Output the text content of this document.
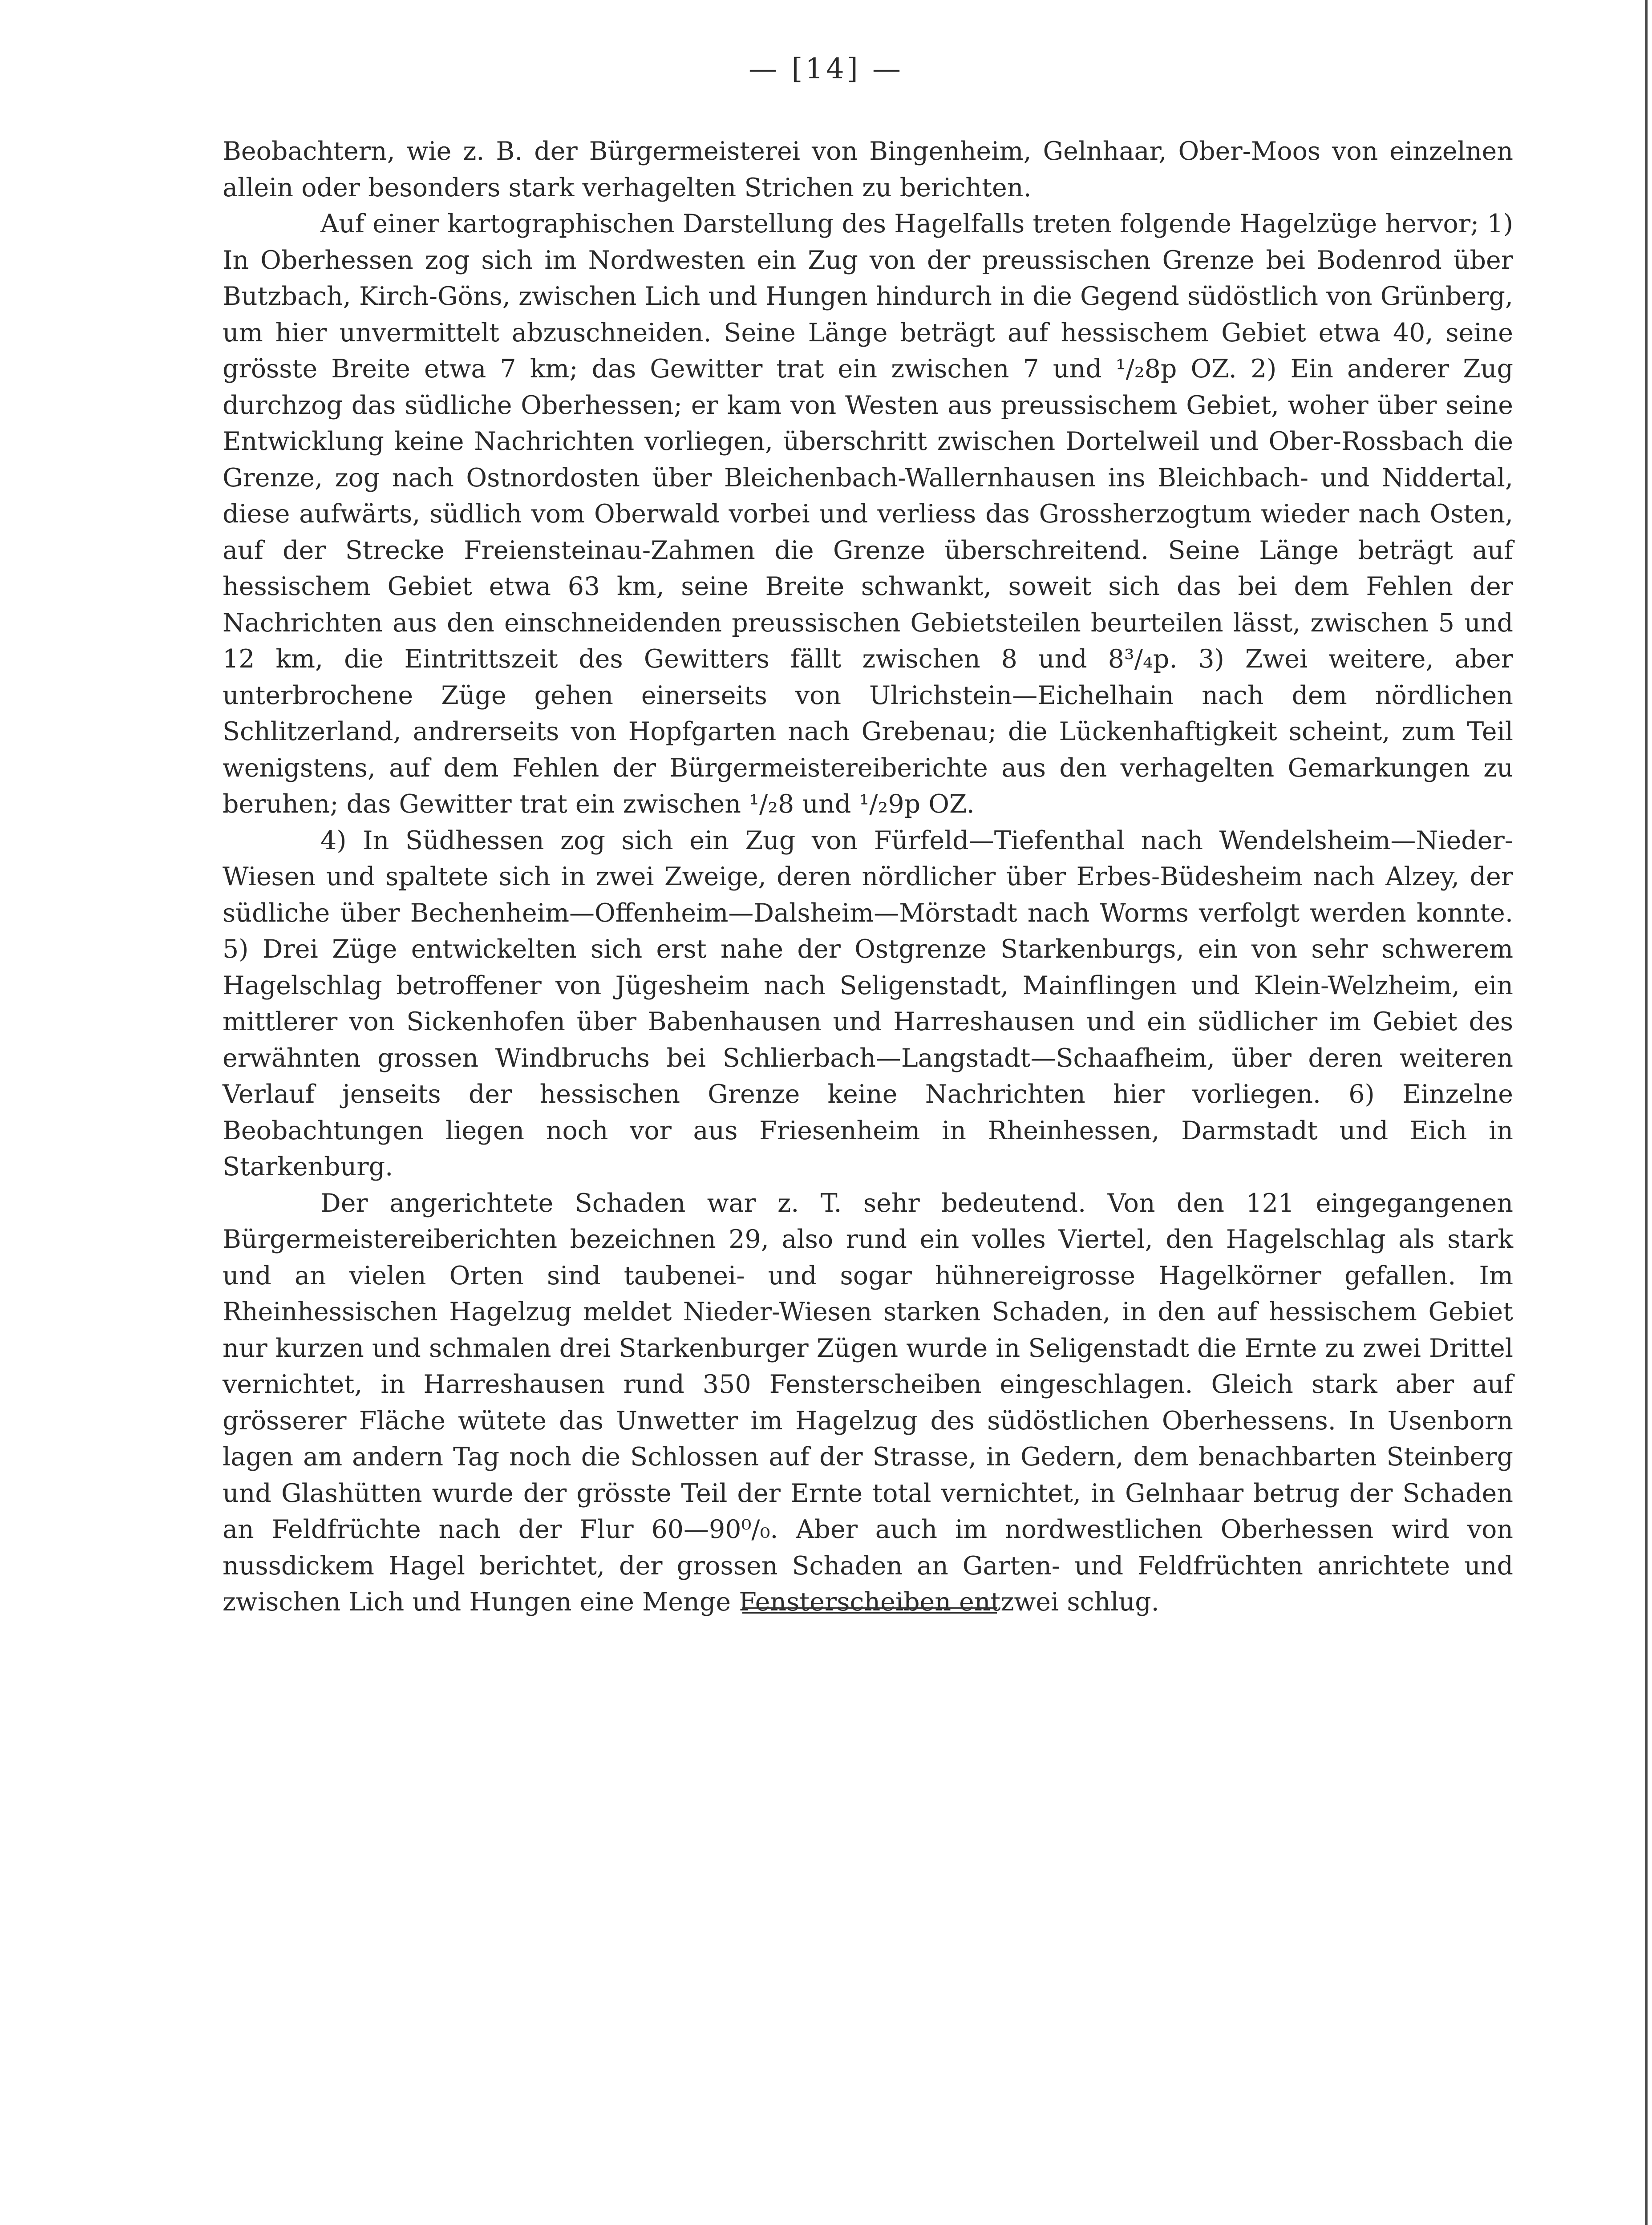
— [14] —

Beobachtern, wie z. B. der Bürgermeisterei von Bingenheim, Gelnhaar, Ober-Moos von einzelnen allein oder besonders stark verhagelten Strichen zu berichten.

Auf einer kartographischen Darstellung des Hagelfalls treten folgende Hagelzüge hervor; 1) In Oberhessen zog sich im Nordwesten ein Zug von der preussischen Grenze bei Bodenrod über Butzbach, Kirch-Göns, zwischen Lich und Hungen hindurch in die Gegend südöstlich von Grünberg, um hier unvermittelt abzuschneiden. Seine Länge beträgt auf hessischem Gebiet etwa 40, seine grösste Breite etwa 7 km; das Gewitter trat ein zwischen 7 und ¹/₂8p OZ. 2) Ein anderer Zug durchzog das südliche Oberhessen; er kam von Westen aus preussischem Gebiet, woher über seine Entwicklung keine Nachrichten vorliegen, überschritt zwischen Dortelweil und Ober-Rossbach die Grenze, zog nach Ostnordosten über Bleichenbach-Wallernhausen ins Bleichbach- und Niddertal, diese aufwärts, südlich vom Oberwald vorbei und verliess das Grossherzogtum wieder nach Osten, auf der Strecke Freiensteinau-Zahmen die Grenze überschreitend. Seine Länge beträgt auf hessischem Gebiet etwa 63 km, seine Breite schwankt, soweit sich das bei dem Fehlen der Nachrichten aus den einschneidenden preussischen Gebietsteilen beurteilen lässt, zwischen 5 und 12 km, die Eintrittszeit des Gewitters fällt zwischen 8 und 8³/₄p. 3) Zwei weitere, aber unterbrochene Züge gehen einerseits von Ulrichstein—Eichelhain nach dem nördlichen Schlitzerland, andrerseits von Hopfgarten nach Grebenau; die Lückenhaftigkeit scheint, zum Teil wenigstens, auf dem Fehlen der Bürgermeistereiberichte aus den verhagelten Gemarkungen zu beruhen; das Gewitter trat ein zwischen ¹/₂8 und ¹/₂9p OZ.

4) In Südhessen zog sich ein Zug von Fürfeld—Tiefenthal nach Wendelsheim—Nieder-Wiesen und spaltete sich in zwei Zweige, deren nördlicher über Erbes-Büdesheim nach Alzey, der südliche über Bechenheim—Offenheim—Dalsheim—Mörstadt nach Worms verfolgt werden konnte. 5) Drei Züge entwickelten sich erst nahe der Ostgrenze Starkenburgs, ein von sehr schwerem Hagelschlag betroffener von Jügesheim nach Seligenstadt, Mainflingen und Klein-Welzheim, ein mittlerer von Sickenhofen über Babenhausen und Harreshausen und ein südlicher im Gebiet des erwähnten grossen Windbruchs bei Schlierbach—Langstadt—Schaafheim, über deren weiteren Verlauf jenseits der hessischen Grenze keine Nachrichten hier vorliegen. 6) Einzelne Beobachtungen liegen noch vor aus Friesenheim in Rheinhessen, Darmstadt und Eich in Starkenburg.

Der angerichtete Schaden war z. T. sehr bedeutend. Von den 121 eingegangenen Bürgermeistereiberichten bezeichnen 29, also rund ein volles Viertel, den Hagelschlag als stark und an vielen Orten sind taubenei- und sogar hühnereigrosse Hagelkörner gefallen. Im Rheinhessischen Hagelzug meldet Nieder-Wiesen starken Schaden, in den auf hessischem Gebiet nur kurzen und schmalen drei Starkenburger Zügen wurde in Seligenstadt die Ernte zu zwei Drittel vernichtet, in Harreshausen rund 350 Fensterscheiben eingeschlagen. Gleich stark aber auf grösserer Fläche wütete das Unwetter im Hagelzug des südöstlichen Oberhessens. In Usenborn lagen am andern Tag noch die Schlossen auf der Strasse, in Gedern, dem benachbarten Steinberg und Glashütten wurde der grösste Teil der Ernte total vernichtet, in Gelnhaar betrug der Schaden an Feldfrüchte nach der Flur 60—90⁰/₀. Aber auch im nordwestlichen Oberhessen wird von nussdickem Hagel berichtet, der grossen Schaden an Garten- und Feldfrüchten anrichtete und zwischen Lich und Hungen eine Menge Fensterscheiben entzwei schlug.
